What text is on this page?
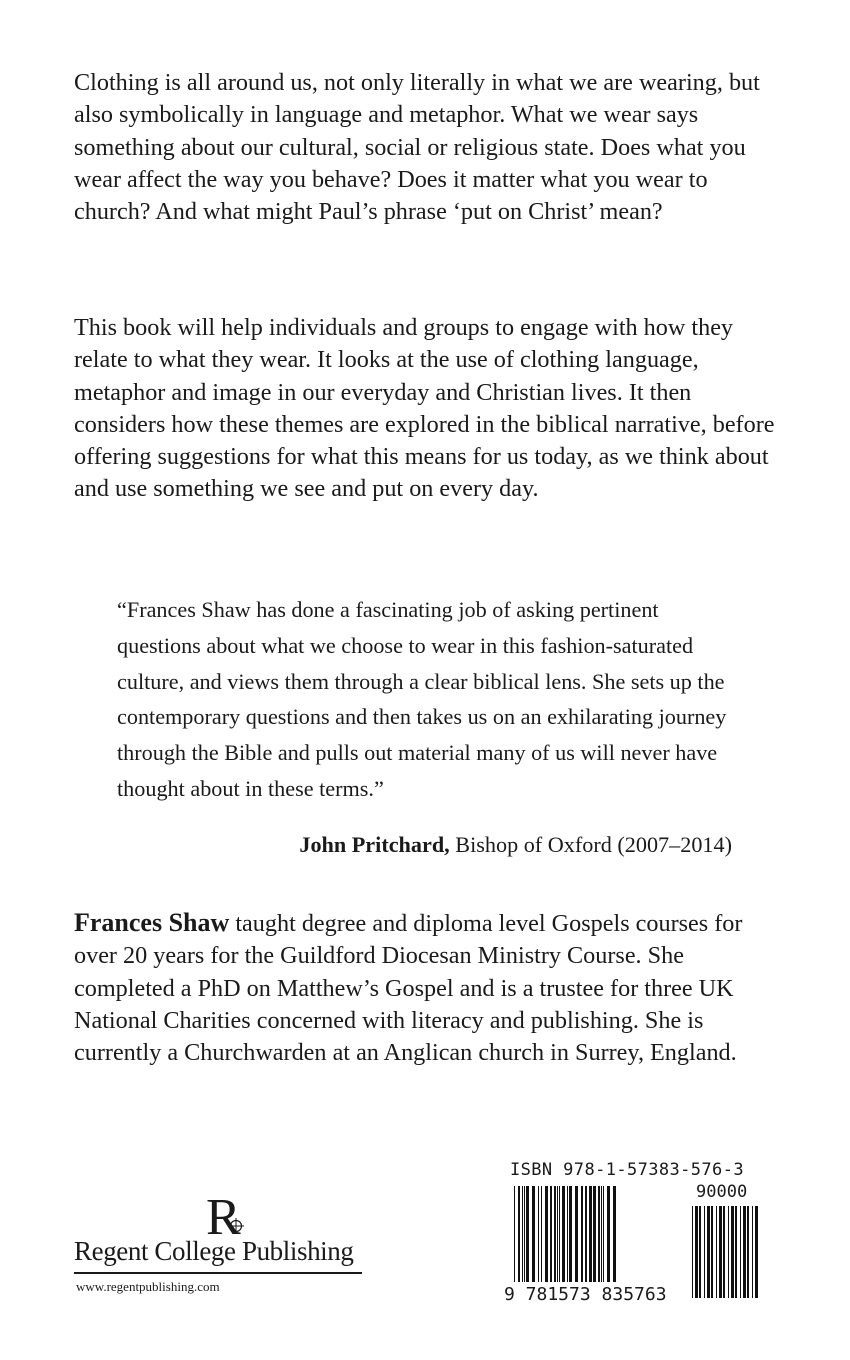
Clothing is all around us, not only literally in what we are wearing, but also symbolically in language and metaphor. What we wear says something about our cultural, social or religious state. Does what you wear affect the way you behave? Does it matter what you wear to church? And what might Paul’s phrase ‘put on Christ’ mean?

This book will help individuals and groups to engage with how they relate to what they wear. It looks at the use of clothing language, metaphor and image in our everyday and Christian lives. It then considers how these themes are explored in the biblical narrative, before offering suggestions for what this means for us today, as we think about and use something we see and put on every day.

“Frances Shaw has done a fascinating job of asking pertinent questions about what we choose to wear in this fashion-saturated culture, and views them through a clear biblical lens. She sets up the contemporary questions and then takes us on an exhilarating journey through the Bible and pulls out material many of us will never have thought about in these terms.”

John Pritchard, Bishop of Oxford (2007–2014)

Frances Shaw taught degree and diploma level Gospels courses for over 20 years for the Guildford Diocesan Ministry Course. She completed a PhD on Matthew’s Gospel and is a trustee for three UK National Charities concerned with literacy and publishing. She is currently a Churchwarden at an Anglican church in Surrey, England.

R
Regent College Publishing
www.regentpublishing.com
ISBN 978-1-57383-576-3
90000
9 781573 835763
